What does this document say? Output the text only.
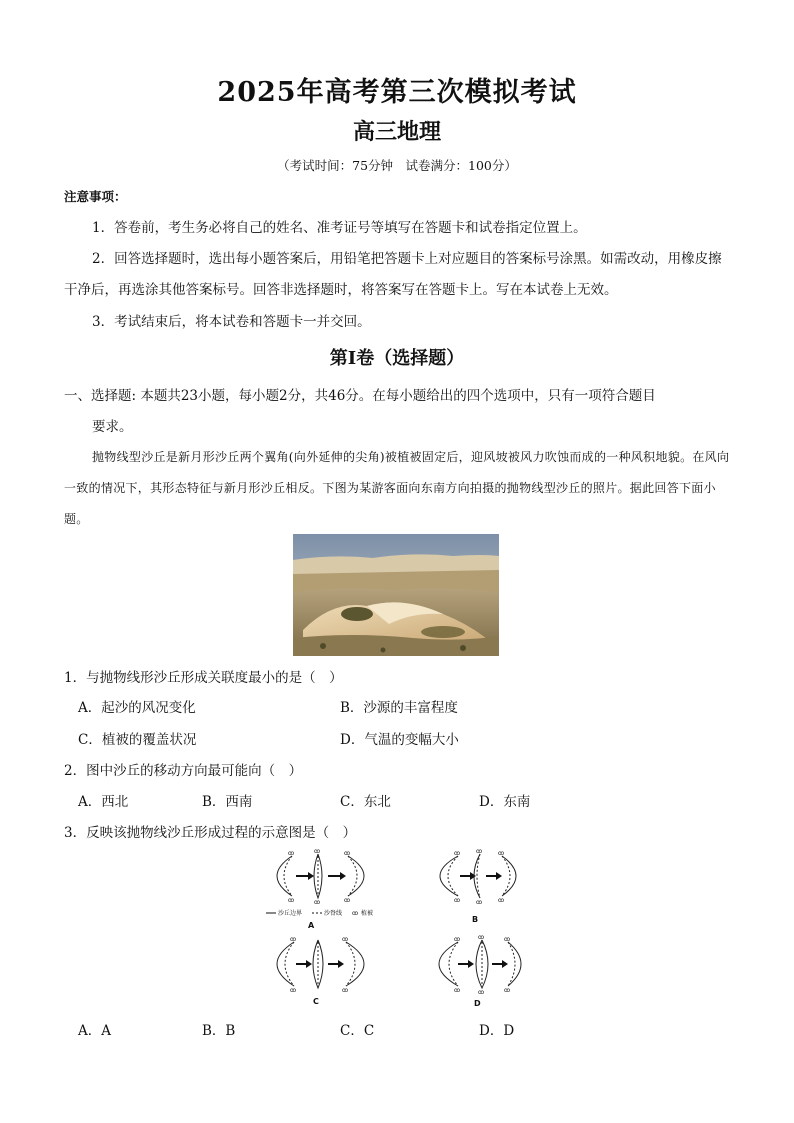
2025年高考第三次模拟考试
高三地理
（考试时间：75分钟　试卷满分：100分）
注意事项：
1．答卷前，考生务必将自己的姓名、准考证号等填写在答题卡和试卷指定位置上。
2．回答选择题时，选出每小题答案后，用铅笔把答题卡上对应题目的答案标号涂黑。如需改动，用橡皮擦干净后，再选涂其他答案标号。回答非选择题时，将答案写在答题卡上。写在本试卷上无效。
3．考试结束后，将本试卷和答题卡一并交回。
第Ⅰ卷（选择题）
一、选择题: 本题共23小题，每小题2分，共46分。在每小题给出的四个选项中，只有一项符合题目
要求。
抛物线型沙丘是新月形沙丘两个翼角(向外延伸的尖角)被植被固定后，迎风坡被风力吹蚀而成的一种风积地貌。在风向一致的情况下，其形态特征与新月形沙丘相反。下图为某游客面向东南方向拍摄的抛物线型沙丘的照片。据此回答下面小题。
1．与抛物线形沙丘形成关联度最小的是（　）
A．起沙的风况变化	B．沙源的丰富程度
C．植被的覆盖状况	D．气温的变幅大小
2．图中沙丘的移动方向最可能向（　）
A．西北	B．西南	C．东北	D．东南
3．反映该抛物线沙丘形成过程的示意图是（　）
ꝏ
ꝏ
ꝏ
ꝏ
ꝏ
ꝏ
沙丘边界	沙脊线 ꝏ 植被
A
ꝏ
ꝏ
ꝏ
ꝏ
ꝏ
ꝏ
B
ꝏ
ꝏ
ꝏ
ꝏ
C
ꝏ
ꝏ
ꝏ
ꝏ
ꝏ
ꝏ
D
A．A	B．B	C．C	D．D
